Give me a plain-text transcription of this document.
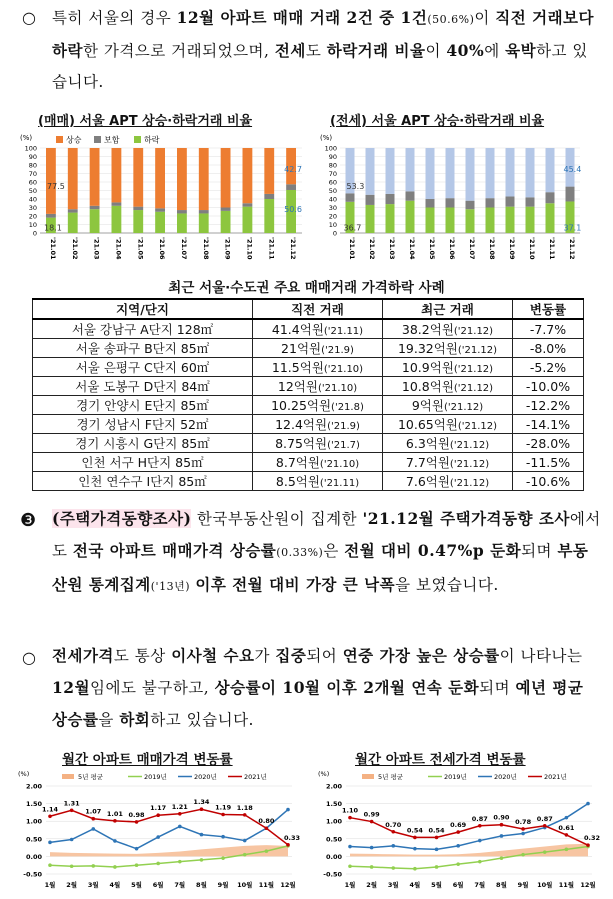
○ 특히 서울의 경우 12월 아파트 매매 거래 2건 중 1건(50.6%)이 직전 거래보다 하락한 가격으로 거래되었으며, 전세도 하락거래 비율이 40%에 육박하고 있습니다.
(매매) 서울 APT 상승·하락거래 비율	(전세) 서울 APT 상승·하락거래 비율
(%)	상승	보합	하락
0
10
20
30
40
50
60
70
80
90
100
'21.01 '21.02 '21.03 '21.04 '21.05 '21.06 '21.07 '21.08 '21.09 '21.10 '21.11 '21.12
77.5
18.1
42.7
50.6
(%)
0
10
20
30
40
50
60
70
80
90
100
'21.01 '21.02 '21.03 '21.04 '21.05 '21.06 '21.07 '21.08 '21.09 '21.10 '21.11 '21.12
53.3
36.7
45.4
37.1
최근 서울·수도권 주요 매매거래 가격하락 사례
지역/단지	직전 거래	최근 거래	변동률
서울 강남구 A단지 128㎡	41.4억원('21.11)	38.2억원('21.12)	-7.7%
서울 송파구 B단지 85㎡	21억원('21.9)	19.32억원('21.12)	-8.0%
서울 은평구 C단지 60㎡	11.5억원('21.10)	10.9억원('21.12)	-5.2%
서울 도봉구 D단지 84㎡	12억원('21.10)	10.8억원('21.12)	-10.0%
경기 안양시 E단지 85㎡	10.25억원('21.8)	9억원('21.12)	-12.2%
경기 성남시 F단지 52㎡	12.4억원('21.9)	10.65억원('21.12)	-14.1%
경기 시흥시 G단지 85㎡	8.75억원('21.7)	6.3억원('21.12)	-28.0%
인천 서구 H단지 85㎡	8.7억원('21.10)	7.7억원('21.12)	-11.5%
인천 연수구 I단지 85㎡	8.5억원('21.11)	7.6억원('21.12)	-10.6%
❸ (주택가격동향조사) 한국부동산원이 집계한 '21.12월 주택가격동향 조사에서도 전국 아파트 매매가격 상승률(0.33%)은 전월 대비 0.47%p 둔화되며 부동산원 통계집계('13년) 이후 전월 대비 가장 큰 낙폭을 보였습니다.
○ 전세가격도 통상 이사철 수요가 집중되어 연중 가장 높은 상승률이 나타나는 12월임에도 불구하고, 상승률이 10월 이후 2개월 연속 둔화되며 예년 평균 상승률을 하회하고 있습니다.
월간 아파트 매매가격 변동률	월간 아파트 전세가격 변동률
(%)	5년 평균	2019년	2020년	2021년
2.00
1.50
1.00
0.50
0.00
-0.50
1월 2월 3월 4월 5월 6월 7월 8월 9월 10월 11월 12월
1.14
1.31
1.07 1.01 0.98
1.17 1.21
1.34
1.19 1.18
0.80
0.33
(%)	5년 평균	2019년	2020년	2021년
2.00
1.50
1.00
0.50
0.00
-0.50
1월 2월 3월 4월 5월 6월 7월 8월 9월 10월 11월 12월
1.10 0.99
0.70
0.54 0.54
0.69
0.87 0.90
0.78 0.87
0.61
0.32
